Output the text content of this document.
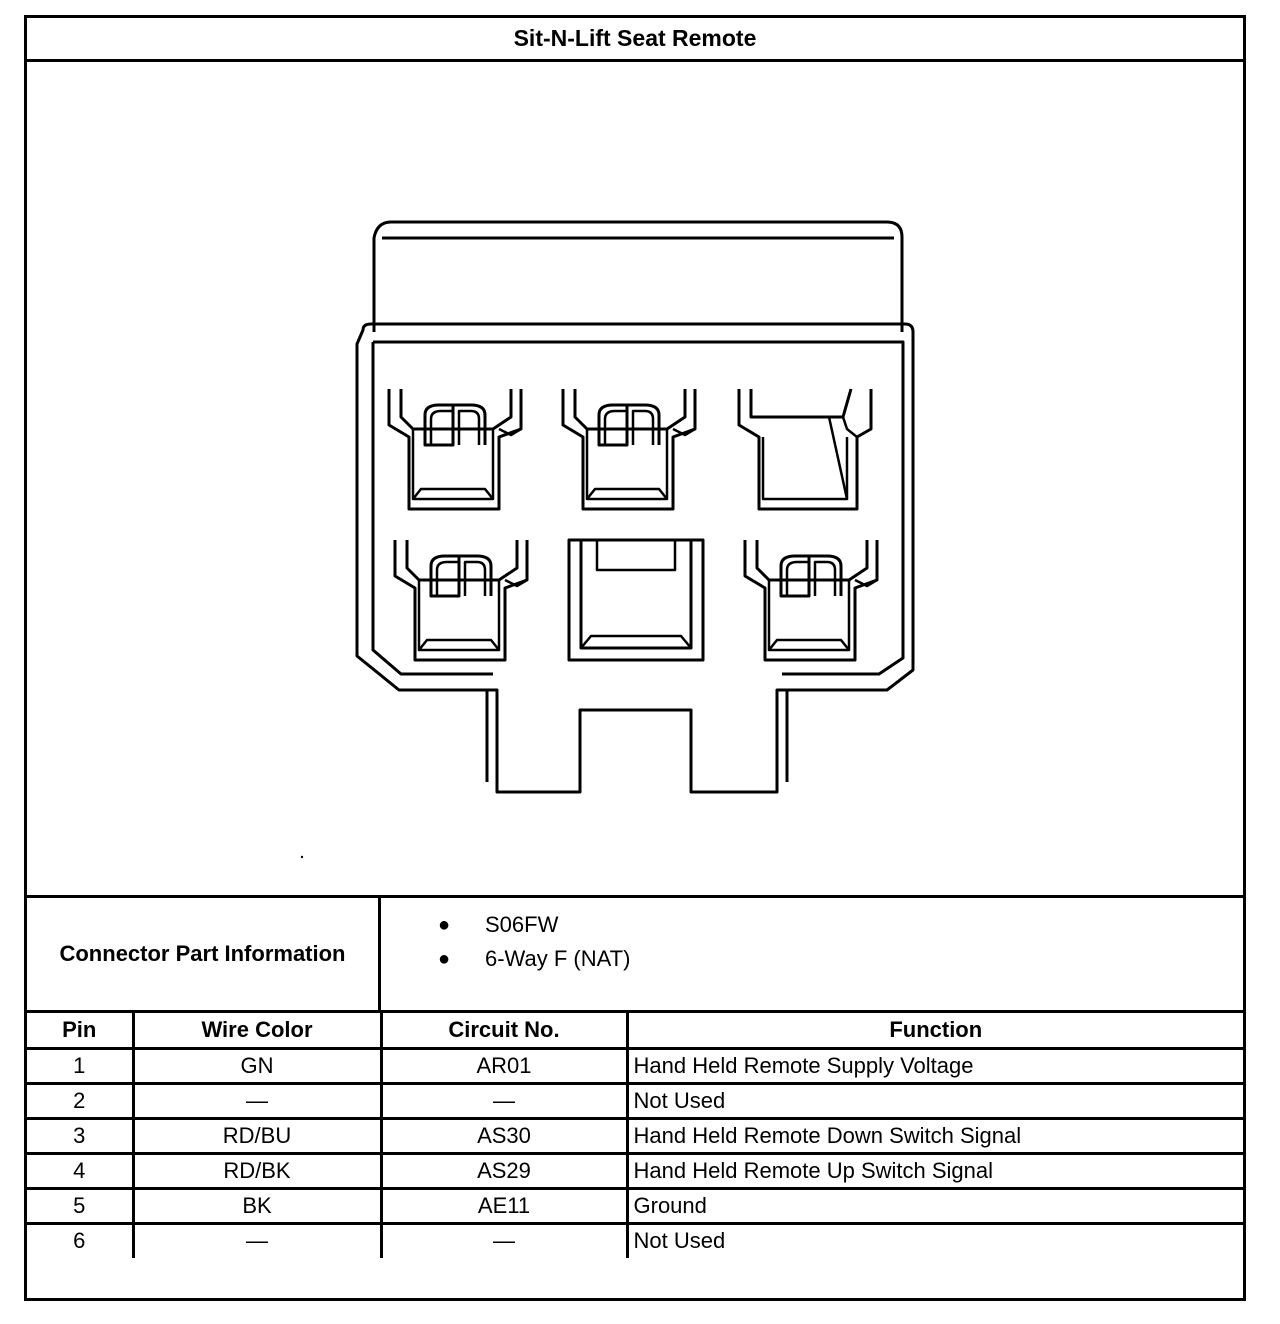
Sit-N-Lift Seat Remote
Connector Part Information
● S06FW
● 6-Way F (NAT)
Pin	Wire Color	Circuit No.	Function
1	GN	AR01	Hand Held Remote Supply Voltage
2	—	—	Not Used
3	RD/BU	AS30	Hand Held Remote Down Switch Signal
4	RD/BK	AS29	Hand Held Remote Up Switch Signal
5	BK	AE11	Ground
6	—	—	Not Used
